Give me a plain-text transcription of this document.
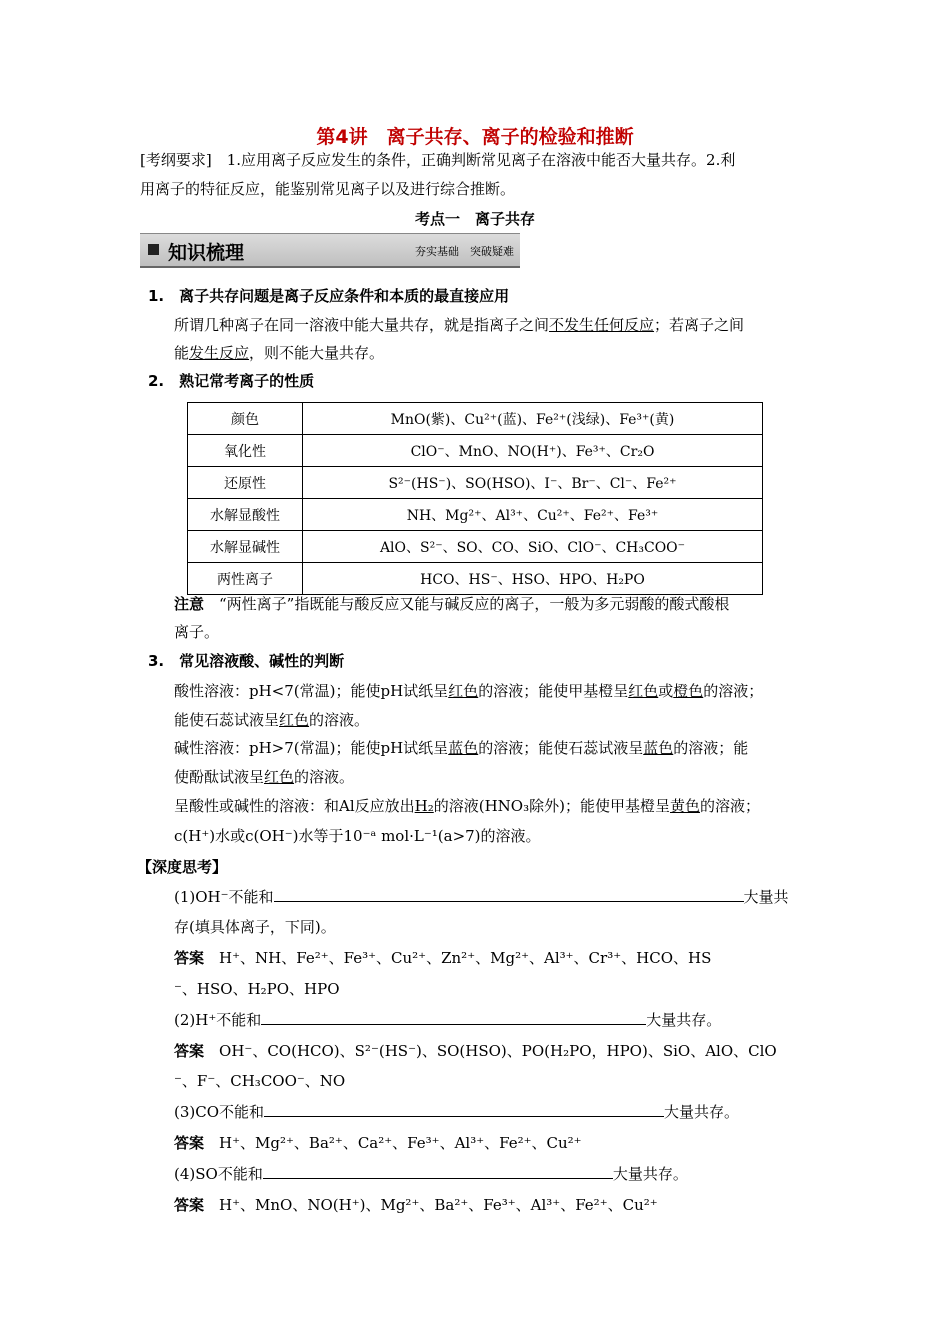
第4讲　离子共存、离子的检验和推断
[考纲要求]　1.应用离子反应发生的条件，正确判断常见离子在溶液中能否大量共存。2.利
用离子的特征反应，能鉴别常见离子以及进行综合推断。
考点一　离子共存
知识梳理	夯实基础　突破疑难
1.　离子共存问题是离子反应条件和本质的最直接应用
所谓几种离子在同一溶液中能大量共存，就是指离子之间不发生任何反应；若离子之间
能发生反应，则不能大量共存。
2.　熟记常考离子的性质
颜色	MnO(紫)、Cu²⁺(蓝)、Fe²⁺(浅绿)、Fe³⁺(黄)
氧化性	ClO⁻、MnO、NO(H⁺)、Fe³⁺、Cr₂O
还原性	S²⁻(HS⁻)、SO(HSO)、I⁻、Br⁻、Cl⁻、Fe²⁺
水解显酸性	NH、Mg²⁺、Al³⁺、Cu²⁺、Fe²⁺、Fe³⁺
水解显碱性	AlO、S²⁻、SO、CO、SiO、ClO⁻、CH₃COO⁻
两性离子	HCO、HS⁻、HSO、HPO、H₂PO
注意　“两性离子”指既能与酸反应又能与碱反应的离子，一般为多元弱酸的酸式酸根
离子。
3.　常见溶液酸、碱性的判断
酸性溶液：pH<7(常温)；能使pH试纸呈红色的溶液；能使甲基橙呈红色或橙色的溶液；
能使石蕊试液呈红色的溶液。
碱性溶液：pH>7(常温)；能使pH试纸呈蓝色的溶液；能使石蕊试液呈蓝色的溶液；能
使酚酞试液呈红色的溶液。
呈酸性或碱性的溶液：和Al反应放出H₂的溶液(HNO₃除外)；能使甲基橙呈黄色的溶液；
c(H⁺)水或c(OH⁻)水等于10⁻ᵃ mol·L⁻¹(a>7)的溶液。
【深度思考】
(1)OH⁻不能和	大量共
存(填具体离子，下同)。
答案　 H⁺、NH、Fe²⁺、Fe³⁺、Cu²⁺、Zn²⁺、Mg²⁺、Al³⁺、Cr³⁺、HCO、HS
⁻、HSO、H₂PO、HPO
(2)H⁺不能和	大量共存。
答案　 OH⁻、CO(HCO)、S²⁻(HS⁻)、SO(HSO)、PO(H₂PO，HPO)、SiO、AlO、ClO
⁻、F⁻、CH₃COO⁻、NO
(3)CO不能和	大量共存。
答案　 H⁺、Mg²⁺、Ba²⁺、Ca²⁺、Fe³⁺、Al³⁺、Fe²⁺、Cu²⁺
(4)SO不能和	大量共存。
答案　 H⁺、MnO、NO(H⁺)、Mg²⁺、Ba²⁺、Fe³⁺、Al³⁺、Fe²⁺、Cu²⁺
